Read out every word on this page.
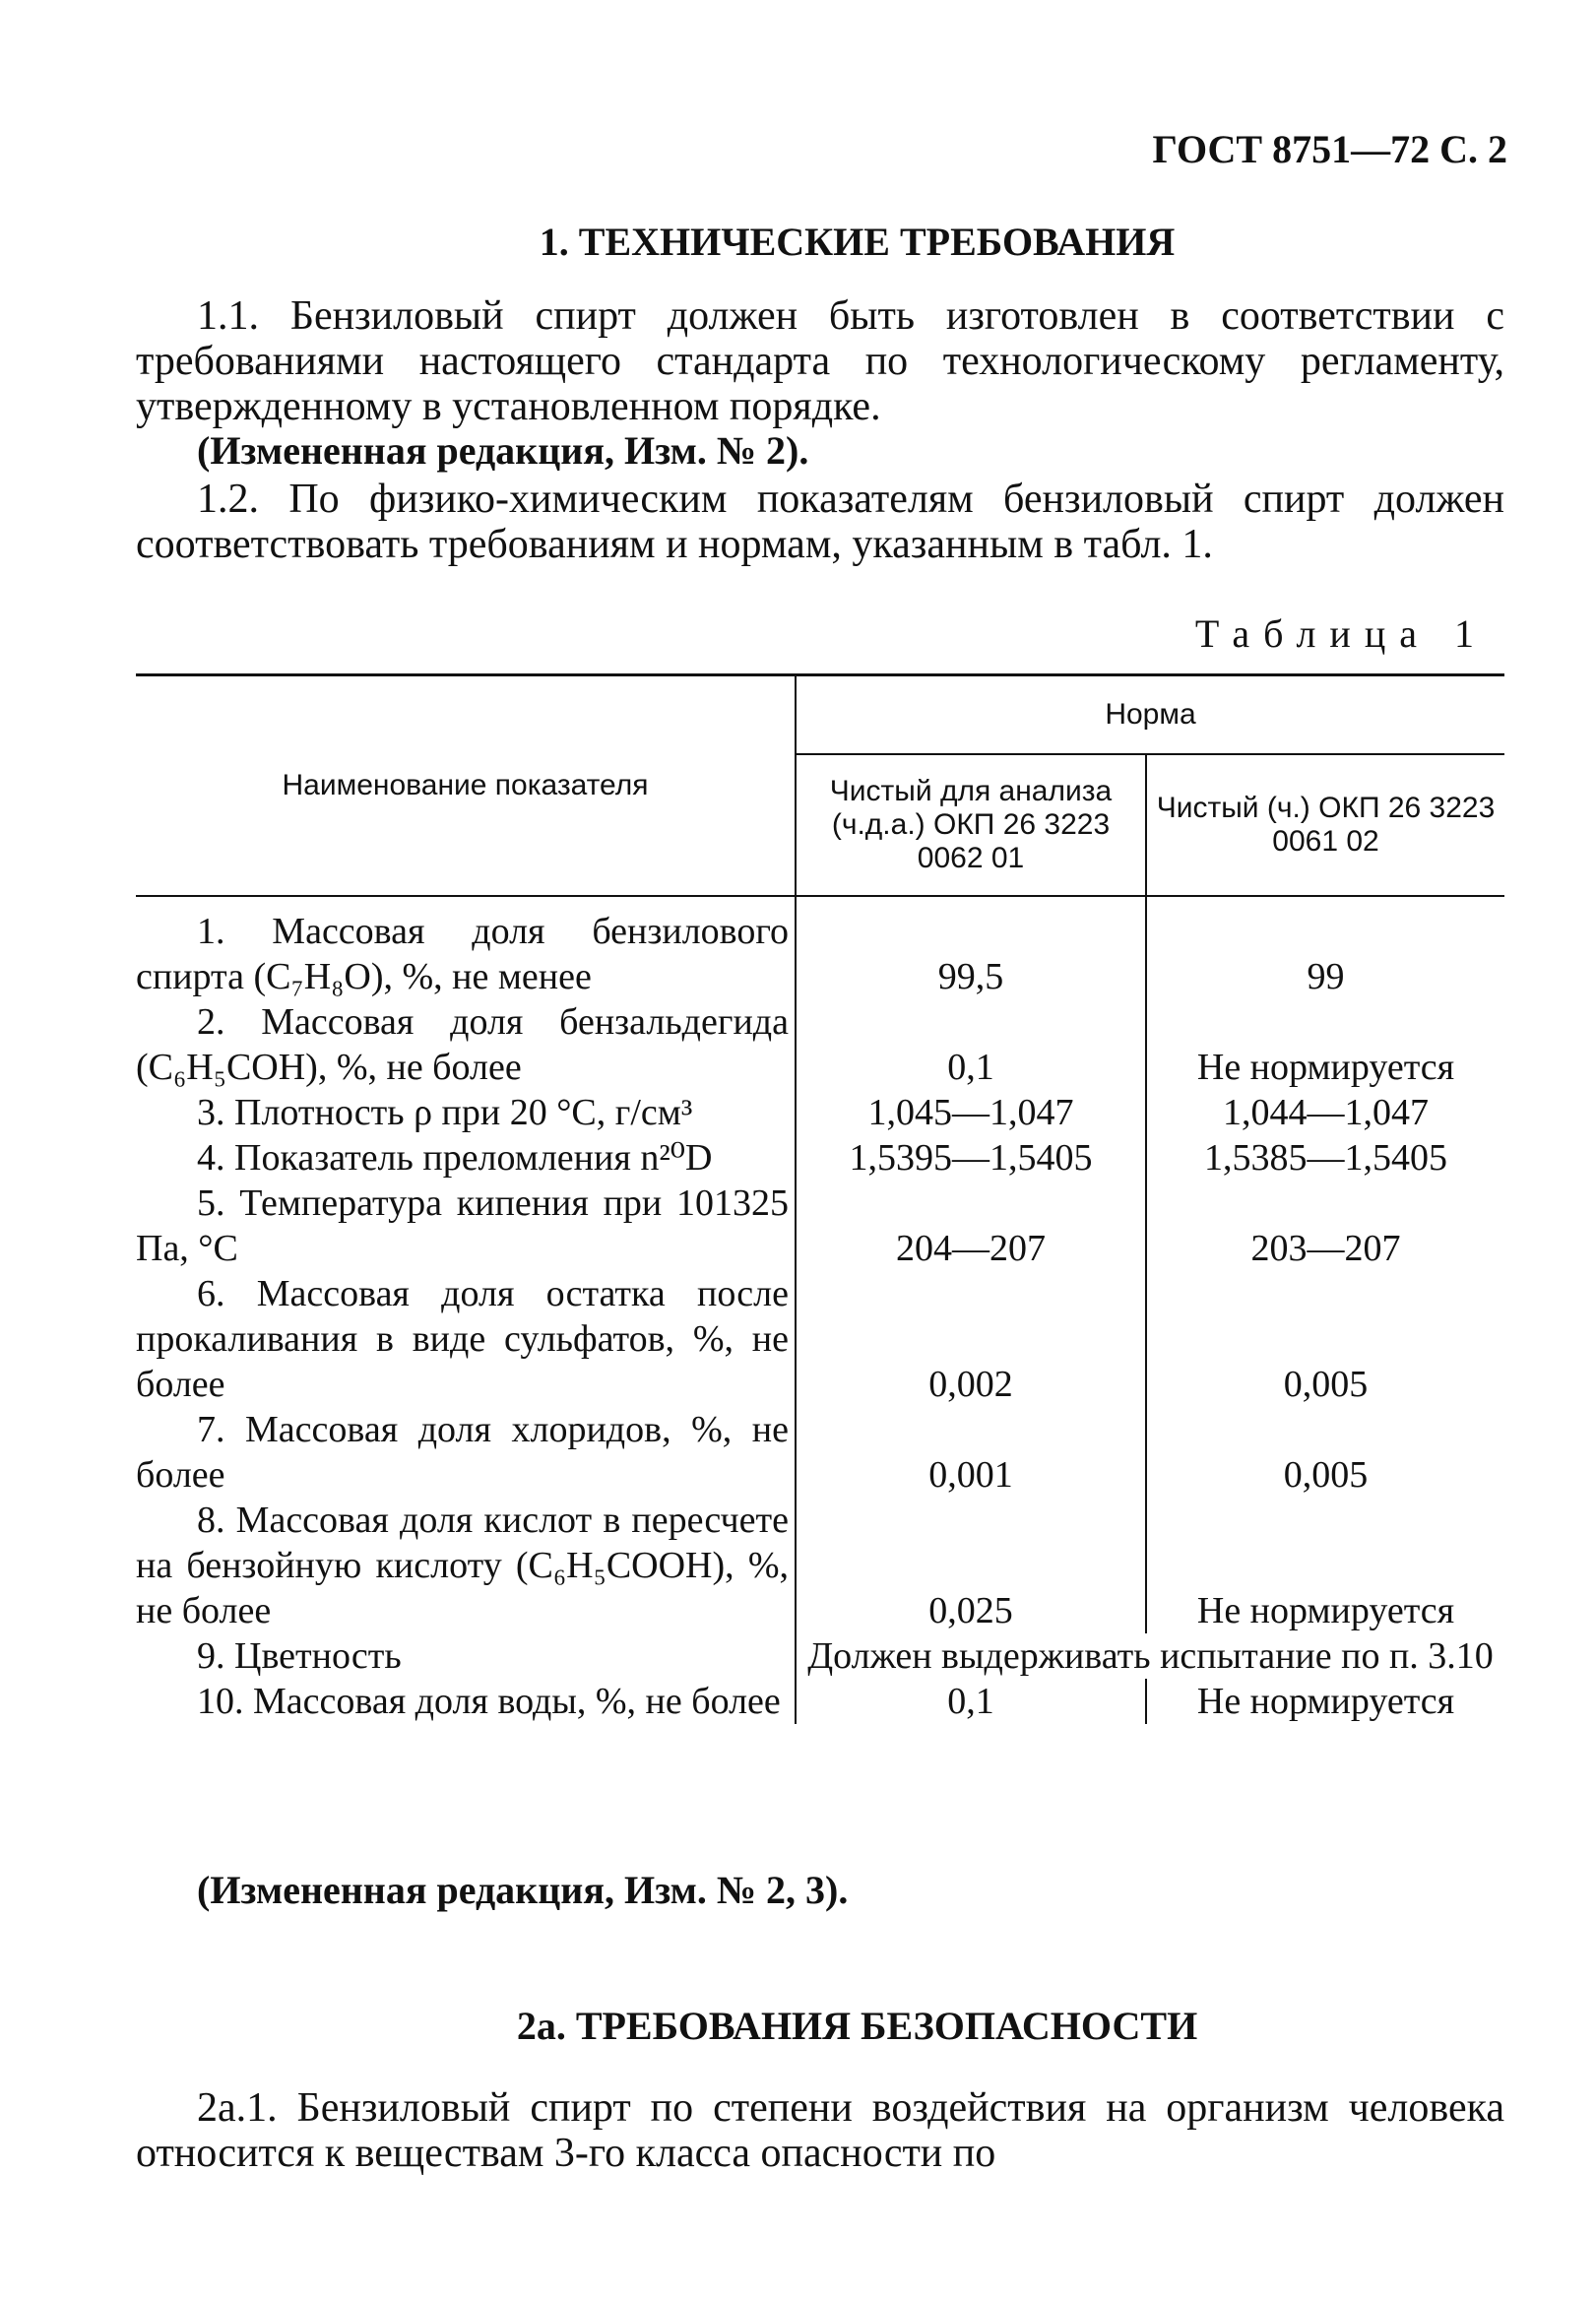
ГОСТ 8751—72 С. 2
1. ТЕХНИЧЕСКИЕ ТРЕБОВАНИЯ
1.1. Бензиловый спирт должен быть изготовлен в соответствии с требованиями настоящего стандарта по технологическому регламенту, утвержденному в установленном порядке.
(Измененная редакция, Изм. № 2).
1.2. По физико-химическим показателям бензиловый спирт должен соответствовать требованиям и нормам, указанным в табл. 1.
Таблица 1
Наименование показателя	Норма	
	Чистый для анализа (ч.д.а.) ОКП 26 3223 0062 01	Чистый (ч.) ОКП 26 3223 0061 02
1. Массовая доля бензилового спирта (C₇H₈O), %, не менее	99,5	99
2. Массовая доля бензальдегида (C₆H₅COH), %, не более	0,1	Не нормируется
3. Плотность ρ при 20 °С, г/см³	1,045—1,047	1,044—1,047
4. Показатель преломления n²⁰D	1,5395—1,5405	1,5385—1,5405
5. Температура кипения при 101325 Па, °С	204—207	203—207
6. Массовая доля остатка после прокаливания в виде сульфатов, %, не более	0,002	0,005
7. Массовая доля хлоридов, %, не более	0,001	0,005
8. Массовая доля кислот в пересчете на бензойную кислоту (C₆H₅COOH), %, не более	0,025	Не нормируется
9. Цветность	Должен выдерживать испытание по п. 3.10	
10. Массовая доля воды, %, не более	0,1	Не нормируется
(Измененная редакция, Изм. № 2, 3).
2а. ТРЕБОВАНИЯ БЕЗОПАСНОСТИ
2а.1. Бензиловый спирт по степени воздействия на организм человека относится к веществам 3-го класса опасности по
